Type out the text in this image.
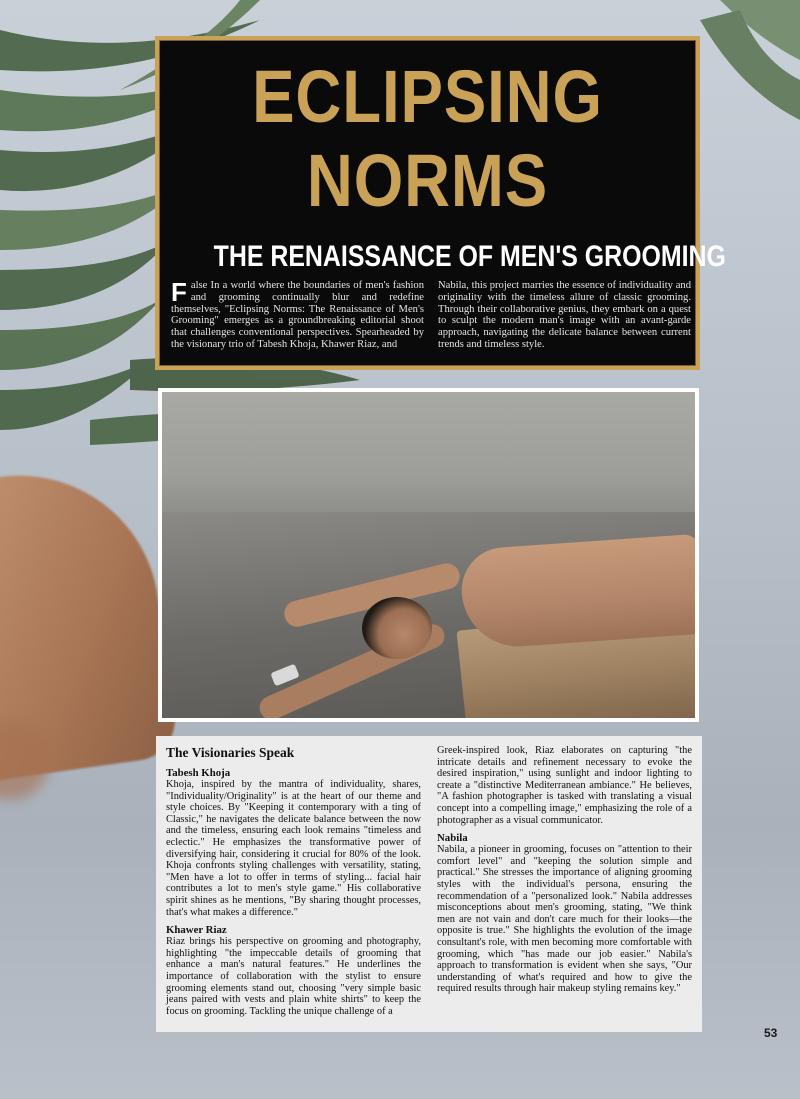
ECLIPSING
NORMS
THE RENAISSANCE OF MEN'S GROOMING
False In a world where the boundaries of men's fashion and grooming continually blur and redefine themselves, "Eclipsing Norms: The Renaissance of Men's Grooming" emerges as a groundbreaking editorial shoot that challenges conventional perspectives. Spearheaded by the visionary trio of Tabesh Khoja, Khawer Riaz, and
Nabila, this project marries the essence of individuality and originality with the timeless allure of classic grooming. Through their collaborative genius, they embark on a quest to sculpt the modern man's image with an avant-garde approach, navigating the delicate balance between current trends and timeless style.
The Visionaries Speak
Tabesh Khoja

Khoja, inspired by the mantra of individuality, shares, "Individuality/Originality" is at the heart of our theme and style choices. By "Keeping it contemporary with a ting of Classic," he navigates the delicate balance between the now and the timeless, ensuring each look remains "timeless and eclectic." He emphasizes the transformative power of diversifying hair, considering it crucial for 80% of the look. Khoja confronts styling challenges with versatility, stating, "Men have a lot to offer in terms of styling... facial hair contributes a lot to men's style game." His collaborative spirit shines as he mentions, "By sharing thought processes, that's what makes a difference."

Khawer Riaz

Riaz brings his perspective on grooming and photography, highlighting "the impeccable details of grooming that enhance a man's natural features." He underlines the importance of collaboration with the stylist to ensure grooming elements stand out, choosing "very simple basic jeans paired with vests and plain white shirts" to keep the focus on grooming. Tackling the unique challenge of a

Greek-inspired look, Riaz elaborates on capturing "the intricate details and refinement necessary to evoke the desired inspiration," using sunlight and indoor lighting to create a "distinctive Mediterranean ambiance." He believes, "A fashion photographer is tasked with translating a visual concept into a compelling image," emphasizing the role of a photographer as a visual communicator.

Nabila

Nabila, a pioneer in grooming, focuses on "attention to their comfort level" and "keeping the solution simple and practical." She stresses the importance of aligning grooming styles with the individual's persona, ensuring the recommendation of a "personalized look." Nabila addresses misconceptions about men's grooming, stating, "We think men are not vain and don't care much for their looks—the opposite is true." She highlights the evolution of the image consultant's role, with men becoming more comfortable with grooming, which "has made our job easier." Nabila's approach to transformation is evident when she says, "Our understanding of what's required and how to give the required results through hair makeup styling remains key."

53
